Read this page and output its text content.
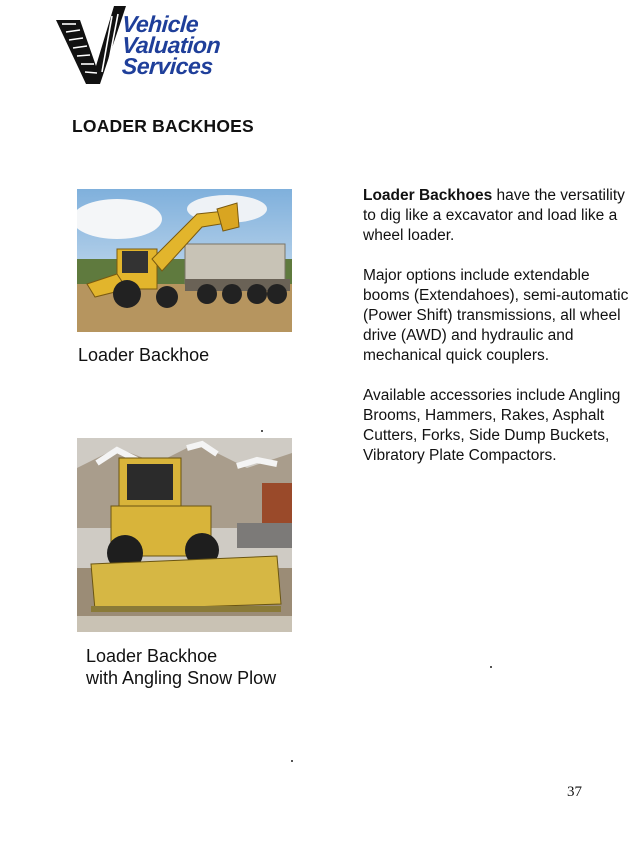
Vehicle
Valuation
Services
LOADER BACKHOES
Loader Backhoe
Loader Backhoe
with Angling Snow Plow

Loader Backhoes have the versatility to dig like a excavator and load like a wheel loader.

Major options include extendable booms (Extendahoes), semi-automatic (Power Shift) transmissions, all wheel drive (AWD) and hydraulic and mechanical quick couplers.

Available accessories include Angling Brooms, Hammers, Rakes, Asphalt Cutters, Forks, Side Dump Buckets, Vibratory Plate Compactors.

37
